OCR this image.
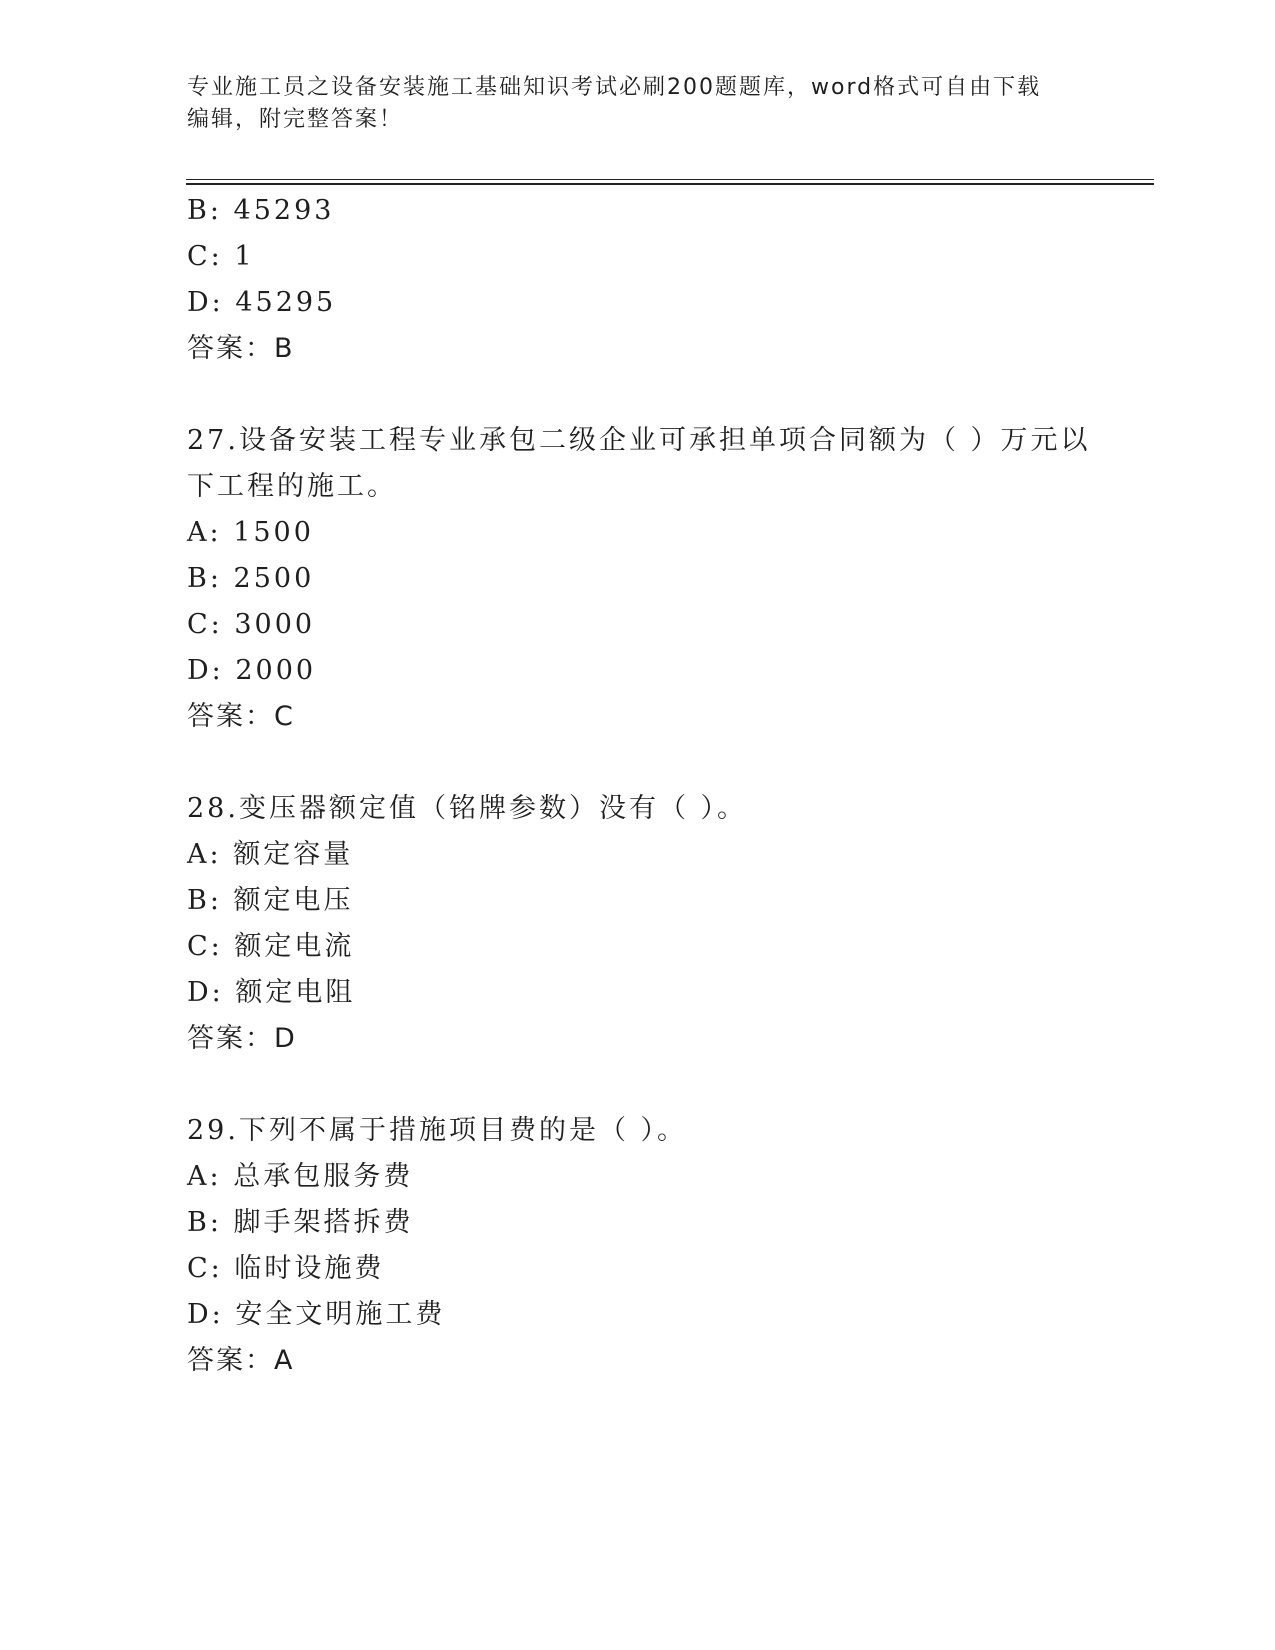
专业施工员之设备安装施工基础知识考试必刷200题题库，word格式可自由下载
编辑，附完整答案！
B: 45293
C: 1
D: 45295
答案：B
27.设备安装工程专业承包二级企业可承担单项合同额为（ ）万元以
下工程的施工。
A: 1500
B: 2500
C: 3000
D: 2000
答案：C
28.变压器额定值（铭牌参数）没有（ ）。
A: 额定容量
B: 额定电压
C: 额定电流
D: 额定电阻
答案：D
29.下列不属于措施项目费的是（ ）。
A: 总承包服务费
B: 脚手架搭拆费
C: 临时设施费
D: 安全文明施工费
答案：A
